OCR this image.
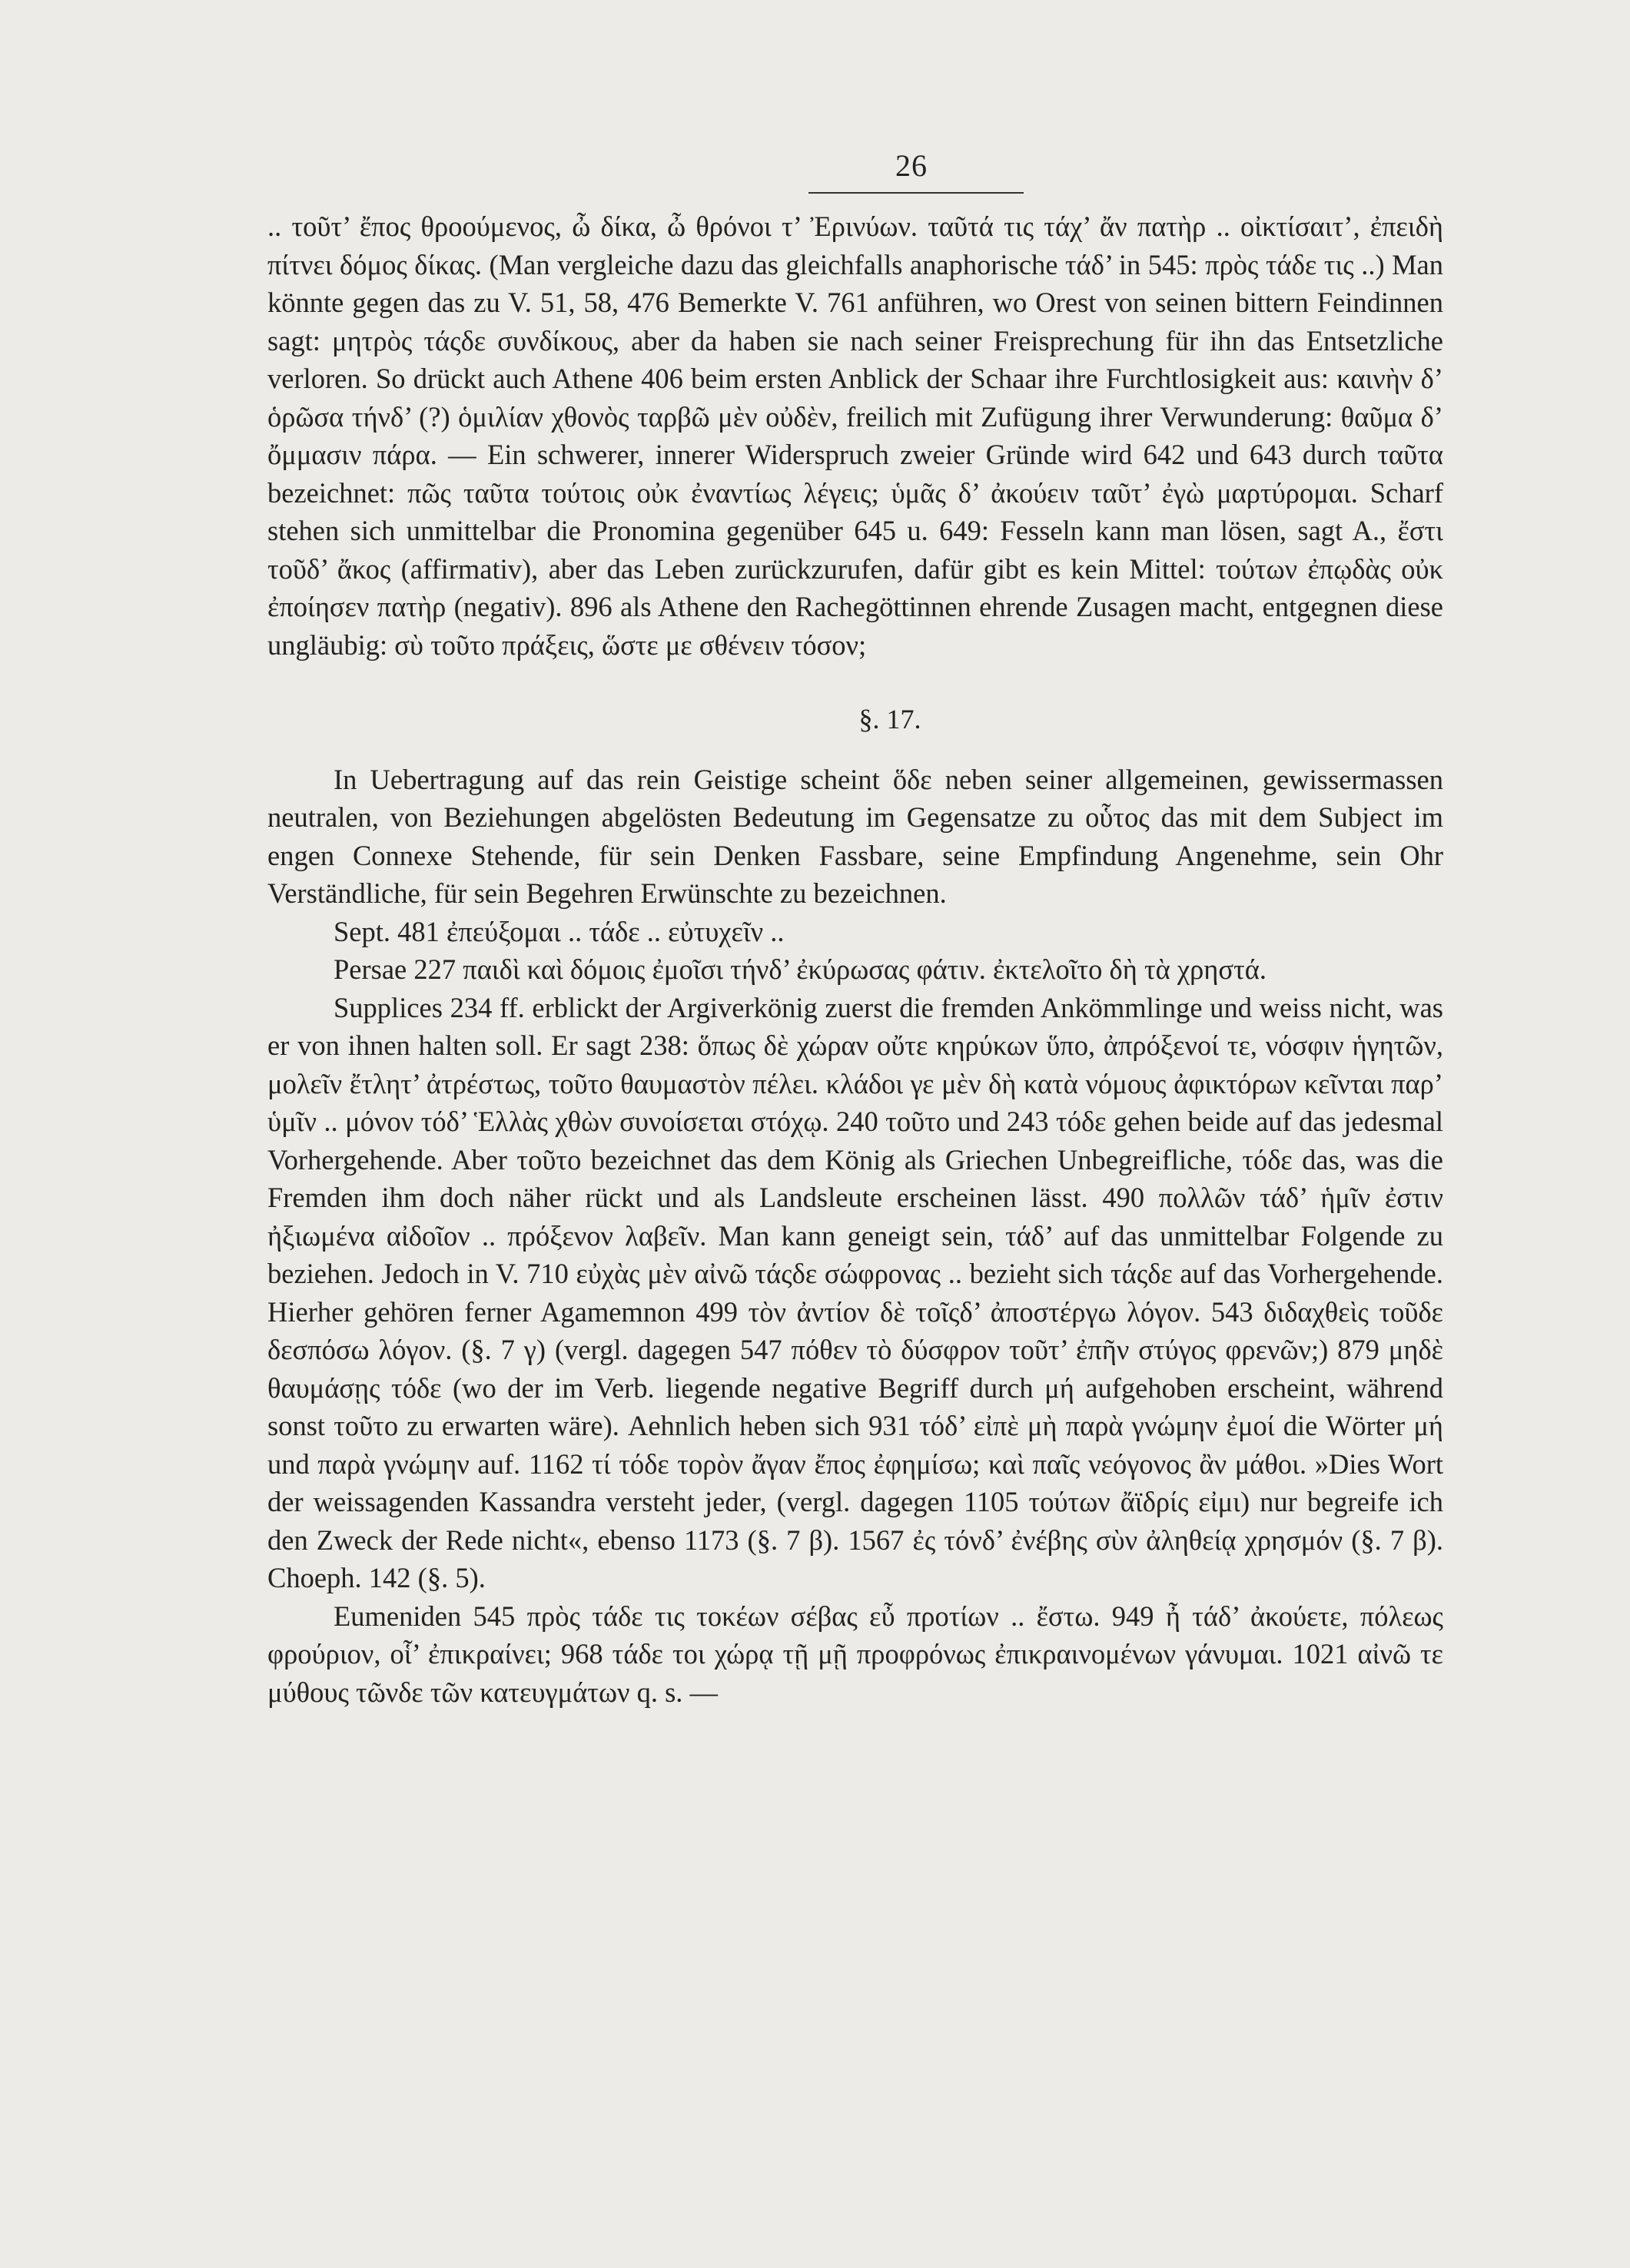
26

.. τοῦτ’ ἔπος θροούμενος, ὦ δίκα, ὦ θρόνοι τ’ Ἐρινύων. ταῦτά τις τάχ’ ἄν πατὴρ .. οἰκτίσαιτ’, ἐπειδὴ πίτνει δόμος δίκας. (Man vergleiche dazu das gleichfalls anaphorische τάδ’ in 545: πρὸς τάδε τις ..) Man könnte gegen das zu V. 51, 58, 476 Bemerkte V. 761 anführen, wo Orest von seinen bittern Feindinnen sagt: μητρὸς τάςδε συνδίκους, aber da haben sie nach seiner Freisprechung für ihn das Entsetzliche verloren. So drückt auch Athene 406 beim ersten Anblick der Schaar ihre Furchtlosigkeit aus: καινὴν δ’ ὁρῶσα τήνδ’ (?) ὁμιλίαν χθονὸς ταρβῶ μὲν οὐδὲν, freilich mit Zufügung ihrer Verwunderung: θαῦμα δ’ ὄμμασιν πάρα. — Ein schwerer, innerer Widerspruch zweier Gründe wird 642 und 643 durch ταῦτα bezeichnet: πῶς ταῦτα τούτοις οὐκ ἐναντίως λέγεις; ὑμᾶς δ’ ἀκούειν ταῦτ’ ἐγὼ μαρτύρομαι. Scharf stehen sich unmittelbar die Pronomina gegenüber 645 u. 649: Fesseln kann man lösen, sagt A., ἔστι τοῦδ’ ἄκος (affirmativ), aber das Leben zurückzurufen, dafür gibt es kein Mittel: τούτων ἐπῳδὰς οὐκ ἐποίησεν πατὴρ (negativ). 896 als Athene den Rachegöttinnen ehrende Zusagen macht, entgegnen diese ungläubig: σὺ τοῦτο πράξεις, ὥστε με σθένειν τόσον;

§. 17.

In Uebertragung auf das rein Geistige scheint ὅδε neben seiner allgemeinen, gewissermassen neutralen, von Beziehungen abgelösten Bedeutung im Gegensatze zu οὗτος das mit dem Subject im engen Connexe Stehende, für sein Denken Fassbare, seine Empfindung Angenehme, sein Ohr Verständliche, für sein Begehren Erwünschte zu bezeichnen.

Sept. 481 ἐπεύξομαι .. τάδε .. εὐτυχεῖν ..

Persae 227 παιδὶ καὶ δόμοις ἐμοῖσι τήνδ’ ἐκύρωσας φάτιν. ἐκτελοῖτο δὴ τὰ χρηστά.

Supplices 234 ff. erblickt der Argiverkönig zuerst die fremden Ankömmlinge und weiss nicht, was er von ihnen halten soll. Er sagt 238: ὅπως δὲ χώραν οὔτε κηρύκων ὕπο, ἀπρόξενοί τε, νόσφιν ἡγητῶν, μολεῖν ἔτλητ’ ἀτρέστως, τοῦτο θαυμαστὸν πέλει. κλάδοι γε μὲν δὴ κατὰ νόμους ἀφικτόρων κεῖνται παρ’ ὑμῖν .. μόνον τόδ’ Ἑλλὰς χθὼν συνοίσεται στόχῳ. 240 τοῦτο und 243 τόδε gehen beide auf das jedesmal Vorhergehende. Aber τοῦτο bezeichnet das dem König als Griechen Unbegreifliche, τόδε das, was die Fremden ihm doch näher rückt und als Landsleute erscheinen lässt. 490 πολλῶν τάδ’ ἡμῖν ἐστιν ἠξιωμένα αἰδοῖον .. πρόξενον λαβεῖν. Man kann geneigt sein, τάδ’ auf das unmittelbar Folgende zu beziehen. Jedoch in V. 710 εὐχὰς μὲν αἰνῶ τάςδε σώφρονας .. bezieht sich τάςδε auf das Vorhergehende. Hierher gehören ferner Agamemnon 499 τὸν ἀντίον δὲ τοῖςδ’ ἀποστέργω λόγον. 543 διδαχθεὶς τοῦδε δεσπόσω λόγον. (§. 7 γ) (vergl. dagegen 547 πόθεν τὸ δύσφρον τοῦτ’ ἐπῆν στύγος φρενῶν;) 879 μηδὲ θαυμάσῃς τόδε (wo der im Verb. liegende negative Begriff durch μή aufgehoben erscheint, während sonst τοῦτο zu erwarten wäre). Aehnlich heben sich 931 τόδ’ εἰπὲ μὴ παρὰ γνώμην ἐμοί die Wörter μή und παρὰ γνώμην auf. 1162 τί τόδε τορὸν ἄγαν ἔπος ἐφημίσω; καὶ παῖς νεόγονος ἂν μάθοι. »Dies Wort der weissagenden Kassandra versteht jeder, (vergl. dagegen 1105 τούτων ἄϊδρίς εἰμι) nur begreife ich den Zweck der Rede nicht«, ebenso 1173 (§. 7 β). 1567 ἐς τόνδ’ ἐνέβης σὺν ἀληθείᾳ χρησμόν (§. 7 β). Choeph. 142 (§. 5).

Eumeniden 545 πρὸς τάδε τις τοκέων σέβας εὖ προτίων .. ἔστω. 949 ἦ τάδ’ ἀκούετε, πόλεως φρούριον, οἷ’ ἐπικραίνει; 968 τάδε τοι χώρᾳ τῇ μῇ προφρόνως ἐπικραινομένων γάνυμαι. 1021 αἰνῶ τε μύθους τῶνδε τῶν κατευγμάτων q. s. —
